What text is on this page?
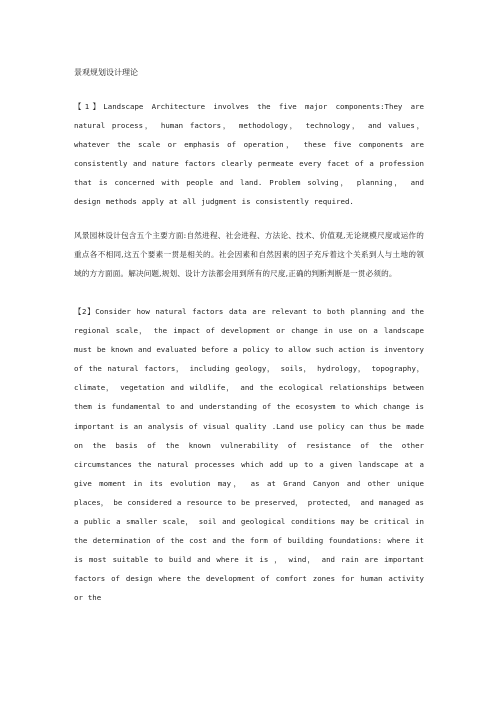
景观规划设计理论

【1】Landscape Architecture involves the five major components:They are natural process， human factors， methodology， technology， and values， whatever the scale or emphasis of operation， these five components are consistently and nature factors clearly permeate every facet of a profession that is concerned with people and land. Problem solving， planning， and design methods apply at all judgment is consistently required.

风景园林设计包含五个主要方面:自然进程、社会进程、方法论、技术、价值观,无论规模尺度或运作的重点各不相同,这五个要素一贯是相关的。社会因素和自然因素的因子充斥着这个关系到人与土地的领域的方方面面。解决问题,规划、设计方法都会用到所有的尺度,正确的判断判断是一贯必须的。

【2】Consider how natural factors data are relevant to both planning and the regional scale， the impact of development or change in use on a landscape must be known and evaluated before a policy to allow such action is inventory of the natural factors， including geology， soils， hydrology， topography， climate， vegetation and wildlife， and the ecological relationships between them is fundamental to and understanding of the ecosystem to which change is important is an analysis of visual quality .Land use policy can thus be made on the basis of the known vulnerability of resistance of the other circumstances the natural processes which add up to a given landscape at a give moment in its evolution may， as at Grand Canyon and other unique places， be considered a resource to be preserved， protected， and managed as a public a smaller scale， soil and geological conditions may be critical in the determination of the cost and the form of building foundations: where it is most suitable to build and where it is ， wind， and rain are important factors of design where the development of comfort zones for human activity or the
